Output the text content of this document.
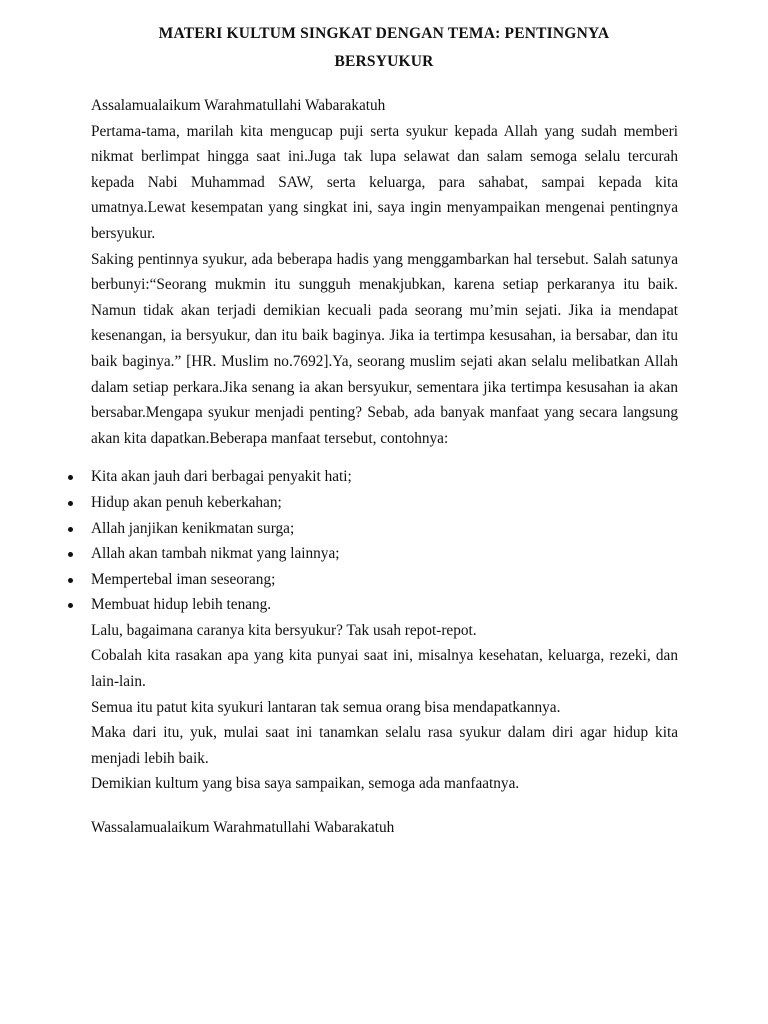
MATERI KULTUM SINGKAT DENGAN TEMA: PENTINGNYA
BERSYUKUR

Assalamualaikum Warahmatullahi Wabarakatuh

Pertama-tama, marilah kita mengucap puji serta syukur kepada Allah yang sudah memberi nikmat berlimpat hingga saat ini.Juga tak lupa selawat dan salam semoga selalu tercurah kepada Nabi Muhammad SAW, serta keluarga, para sahabat, sampai kepada kita umatnya.Lewat kesempatan yang singkat ini, saya ingin menyampaikan mengenai pentingnya bersyukur.

Saking pentinnya syukur, ada beberapa hadis yang menggambarkan hal tersebut. Salah satunya berbunyi:“Seorang mukmin itu sungguh menakjubkan, karena setiap perkaranya itu baik. Namun tidak akan terjadi demikian kecuali pada seorang mu’min sejati. Jika ia mendapat kesenangan, ia bersyukur, dan itu baik baginya. Jika ia tertimpa kesusahan, ia bersabar, dan itu baik baginya.” [HR. Muslim no.7692].Ya, seorang muslim sejati akan selalu melibatkan Allah dalam setiap perkara.Jika senang ia akan bersyukur, sementara jika tertimpa kesusahan ia akan bersabar.Mengapa syukur menjadi penting? Sebab, ada banyak manfaat yang secara langsung akan kita dapatkan.Beberapa manfaat tersebut, contohnya:

Kita akan jauh dari berbagai penyakit hati;
Hidup akan penuh keberkahan;
Allah janjikan kenikmatan surga;
Allah akan tambah nikmat yang lainnya;
Mempertebal iman seseorang;
Membuat hidup lebih tenang.

Lalu, bagaimana caranya kita bersyukur? Tak usah repot-repot.

Cobalah kita rasakan apa yang kita punyai saat ini, misalnya kesehatan, keluarga, rezeki, dan lain-lain.

Semua itu patut kita syukuri lantaran tak semua orang bisa mendapatkannya.

Maka dari itu, yuk, mulai saat ini tanamkan selalu rasa syukur dalam diri agar hidup kita menjadi lebih baik.

Demikian kultum yang bisa saya sampaikan, semoga ada manfaatnya.

Wassalamualaikum Warahmatullahi Wabarakatuh
